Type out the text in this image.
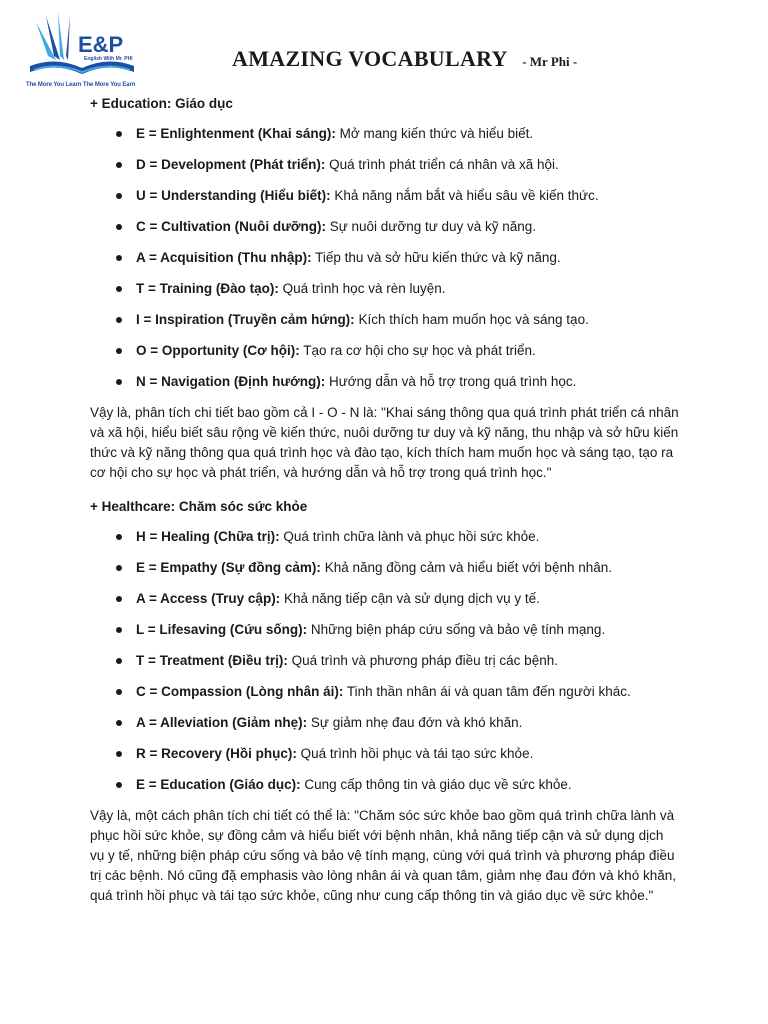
E&P
English With Mr. PHI
The More You Learn The More You Earn
AMAZING VOCABULARY - Mr Phi -
+ Education: Giáo dục
E = Enlightenment (Khai sáng): Mở mang kiến thức và hiểu biết.
D = Development (Phát triển): Quá trình phát triển cá nhân và xã hội.
U = Understanding (Hiểu biết): Khả năng nắm bắt và hiểu sâu về kiến thức.
C = Cultivation (Nuôi dưỡng): Sự nuôi dưỡng tư duy và kỹ năng.
A = Acquisition (Thu nhập): Tiếp thu và sở hữu kiến thức và kỹ năng.
T = Training (Đào tạo): Quá trình học và rèn luyện.
I = Inspiration (Truyền cảm hứng): Kích thích ham muốn học và sáng tạo.
O = Opportunity (Cơ hội): Tạo ra cơ hội cho sự học và phát triển.
N = Navigation (Định hướng): Hướng dẫn và hỗ trợ trong quá trình học.

Vậy là, phân tích chi tiết bao gồm cả I - O - N là: "Khai sáng thông qua quá trình phát triển cá nhân và xã hội, hiểu biết sâu rộng về kiến thức, nuôi dưỡng tư duy và kỹ năng, thu nhập và sở hữu kiến thức và kỹ năng thông qua quá trình học và đào tạo, kích thích ham muốn học và sáng tạo, tạo ra cơ hội cho sự học và phát triển, và hướng dẫn và hỗ trợ trong quá trình học."

+ Healthcare: Chăm sóc sức khỏe
H = Healing (Chữa trị): Quá trình chữa lành và phục hồi sức khỏe.
E = Empathy (Sự đồng cảm): Khả năng đồng cảm và hiểu biết với bệnh nhân.
A = Access (Truy cập): Khả năng tiếp cận và sử dụng dịch vụ y tế.
L = Lifesaving (Cứu sống): Những biện pháp cứu sống và bảo vệ tính mạng.
T = Treatment (Điều trị): Quá trình và phương pháp điều trị các bệnh.
C = Compassion (Lòng nhân ái): Tinh thần nhân ái và quan tâm đến người khác.
A = Alleviation (Giảm nhẹ): Sự giảm nhẹ đau đớn và khó khăn.
R = Recovery (Hồi phục): Quá trình hồi phục và tái tạo sức khỏe.
E = Education (Giáo dục): Cung cấp thông tin và giáo dục về sức khỏe.

Vậy là, một cách phân tích chi tiết có thể là: "Chăm sóc sức khỏe bao gồm quá trình chữa lành và phục hồi sức khỏe, sự đồng cảm và hiểu biết với bệnh nhân, khả năng tiếp cận và sử dụng dịch vụ y tế, những biện pháp cứu sống và bảo vệ tính mạng, cùng với quá trình và phương pháp điều trị các bệnh. Nó cũng đặ emphasis vào lòng nhân ái và quan tâm, giảm nhẹ đau đớn và khó khăn, quá trình hồi phục và tái tạo sức khỏe, cũng như cung cấp thông tin và giáo dục về sức khỏe."
